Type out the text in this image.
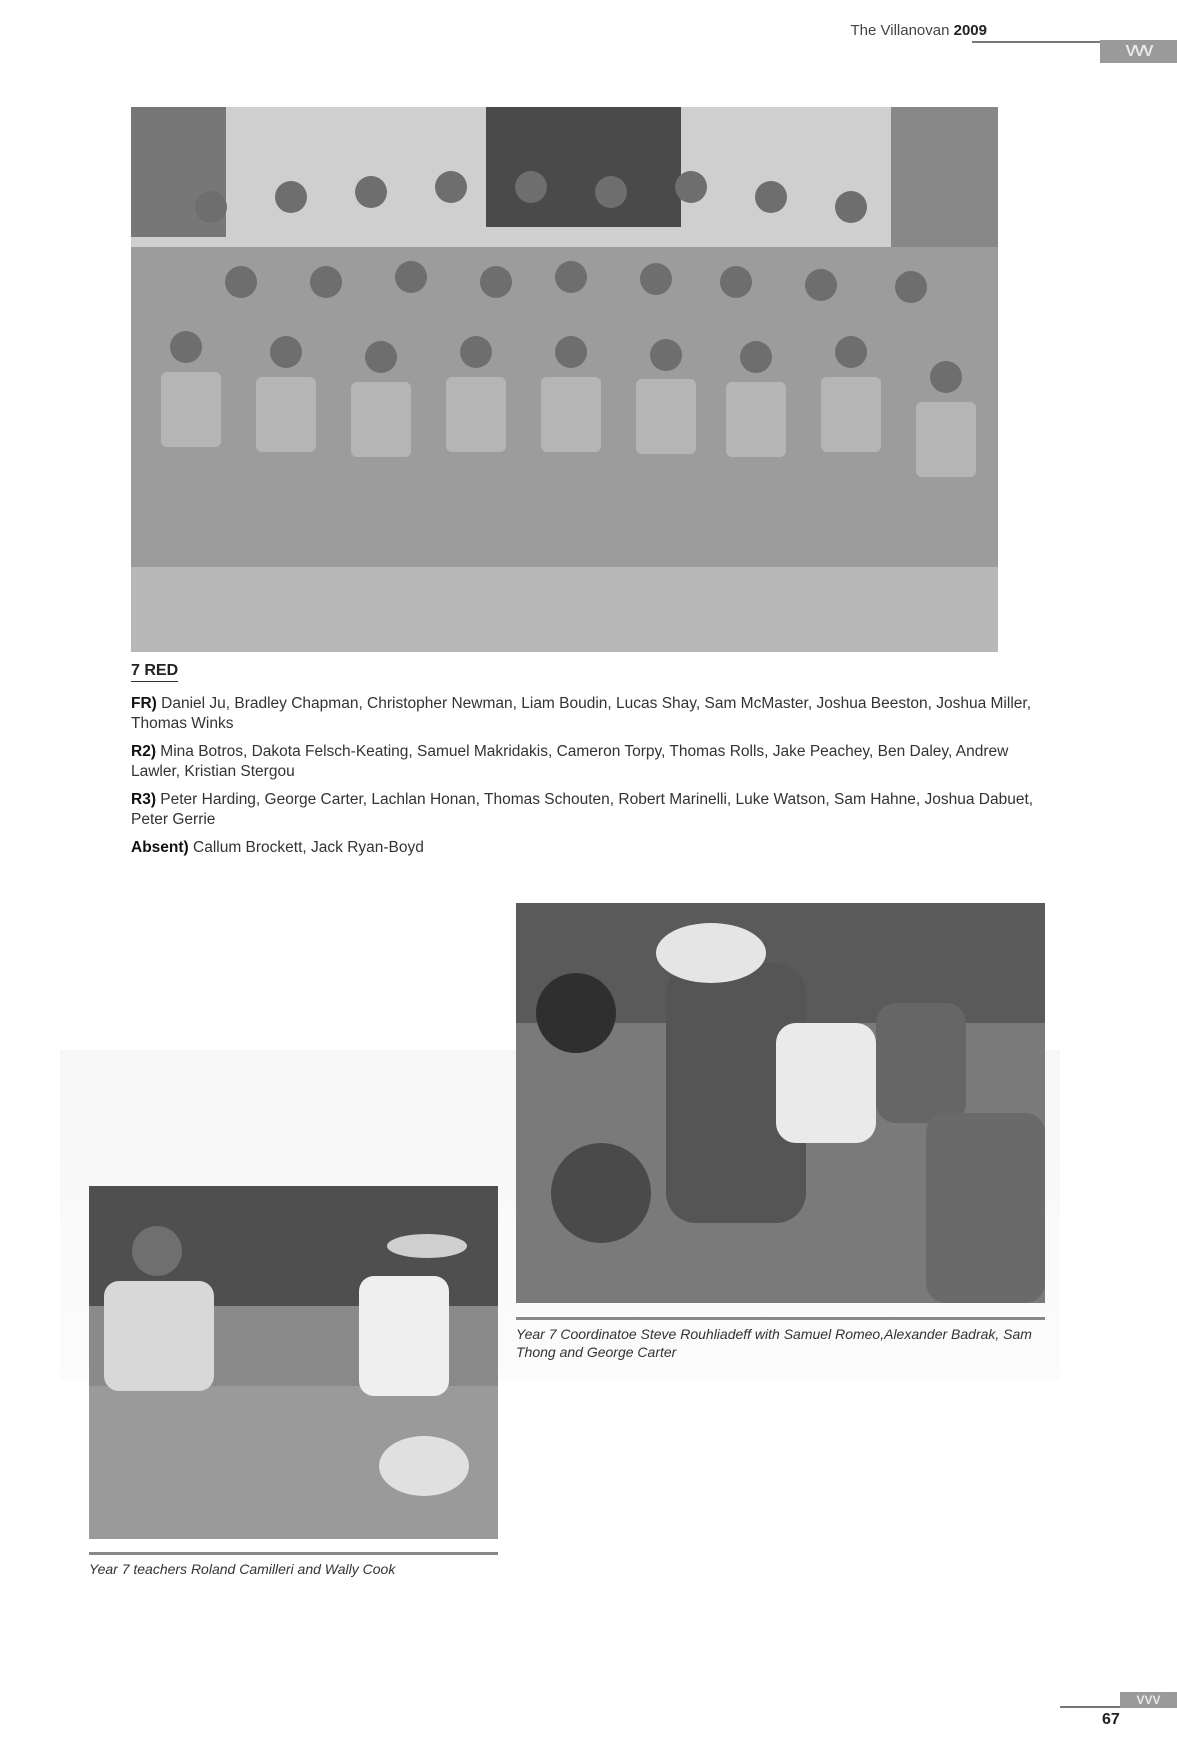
The Villanovan 2009
VVV
7 RED

FR) Daniel Ju, Bradley Chapman, Christopher Newman, Liam Boudin, Lucas Shay, Sam McMaster, Joshua Beeston, Joshua Miller, Thomas Winks

R2) Mina Botros, Dakota Felsch-Keating, Samuel Makridakis, Cameron Torpy, Thomas Rolls, Jake Peachey, Ben Daley, Andrew Lawler, Kristian Stergou

R3) Peter Harding, George Carter, Lachlan Honan, Thomas Schouten, Robert Marinelli, Luke Watson, Sam Hahne, Joshua Dabuet, Peter Gerrie

Absent) Callum Brockett, Jack Ryan-Boyd

Year 7 Coordinatoe Steve Rouhliadeff with Samuel Romeo,Alexander Badrak, Sam Thong and George Carter
Year 7 teachers Roland Camilleri and Wally Cook
VVV
67
